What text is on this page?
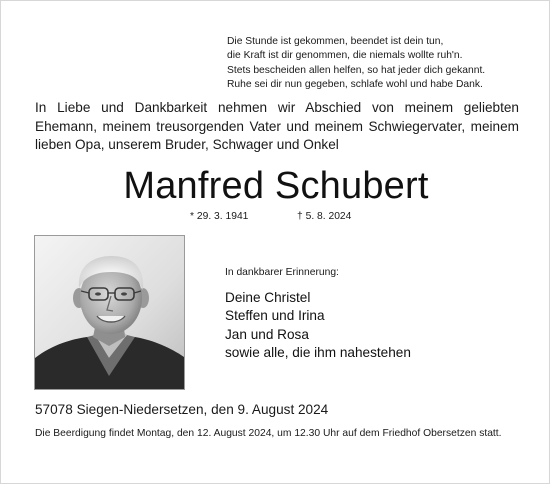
Die Stunde ist gekommen, beendet ist dein tun,
die Kraft ist dir genommen, die niemals wollte ruh'n.
Stets bescheiden allen helfen, so hat jeder dich gekannt.
Ruhe sei dir nun gegeben, schlafe wohl und habe Dank.
In Liebe und Dankbarkeit nehmen wir Abschied von meinem geliebten Ehemann, meinem treusorgenden Vater und meinem Schwiegervater, meinem lieben Opa, unserem Bruder, Schwager und Onkel
Manfred Schubert
* 29. 3. 1941	† 5. 8. 2024
In dankbarer Erinnerung:
Deine Christel
Steffen und Irina
Jan und Rosa
sowie alle, die ihm nahestehen
57078 Siegen-Niedersetzen, den 9. August 2024
Die Beerdigung findet Montag, den 12. August 2024, um 12.30 Uhr auf dem Friedhof Obersetzen statt.
